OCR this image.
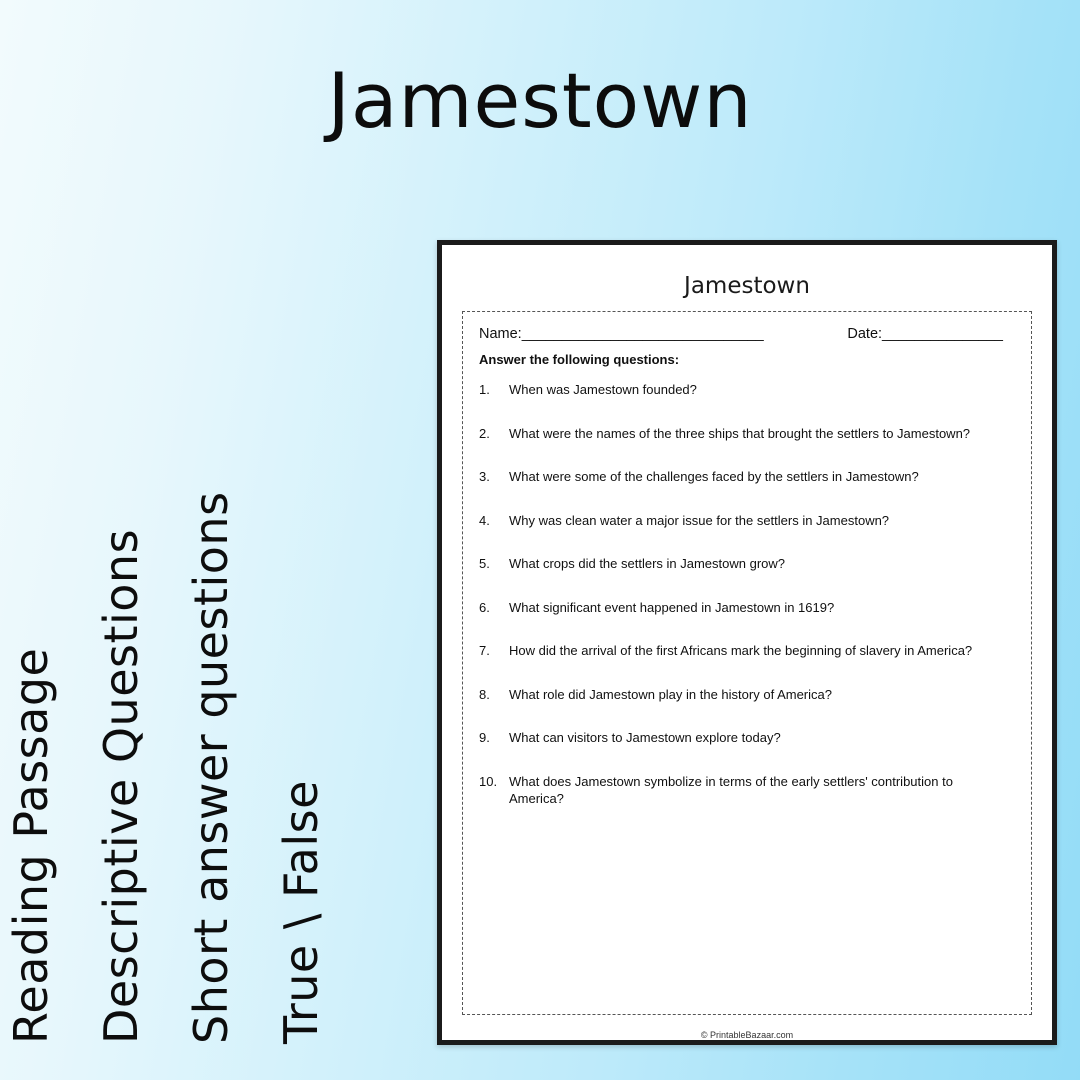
Jamestown
Reading Passage Descriptive Questions Short answer questions True \ False
Jamestown
Name:______________________________	Date:_______________
Answer the following questions:
1.	When was Jamestown founded?
2.	What were the names of the three ships that brought the settlers to Jamestown?
3.	What were some of the challenges faced by the settlers in Jamestown?
4.	Why was clean water a major issue for the settlers in Jamestown?
5.	What crops did the settlers in Jamestown grow?
6.	What significant event happened in Jamestown in 1619?
7.	How did the arrival of the first Africans mark the beginning of slavery in America?
8.	What role did Jamestown play in the history of America?
9.	What can visitors to Jamestown explore today?
10. What does Jamestown symbolize in terms of the early settlers' contribution to America?
© PrintableBazaar.com
